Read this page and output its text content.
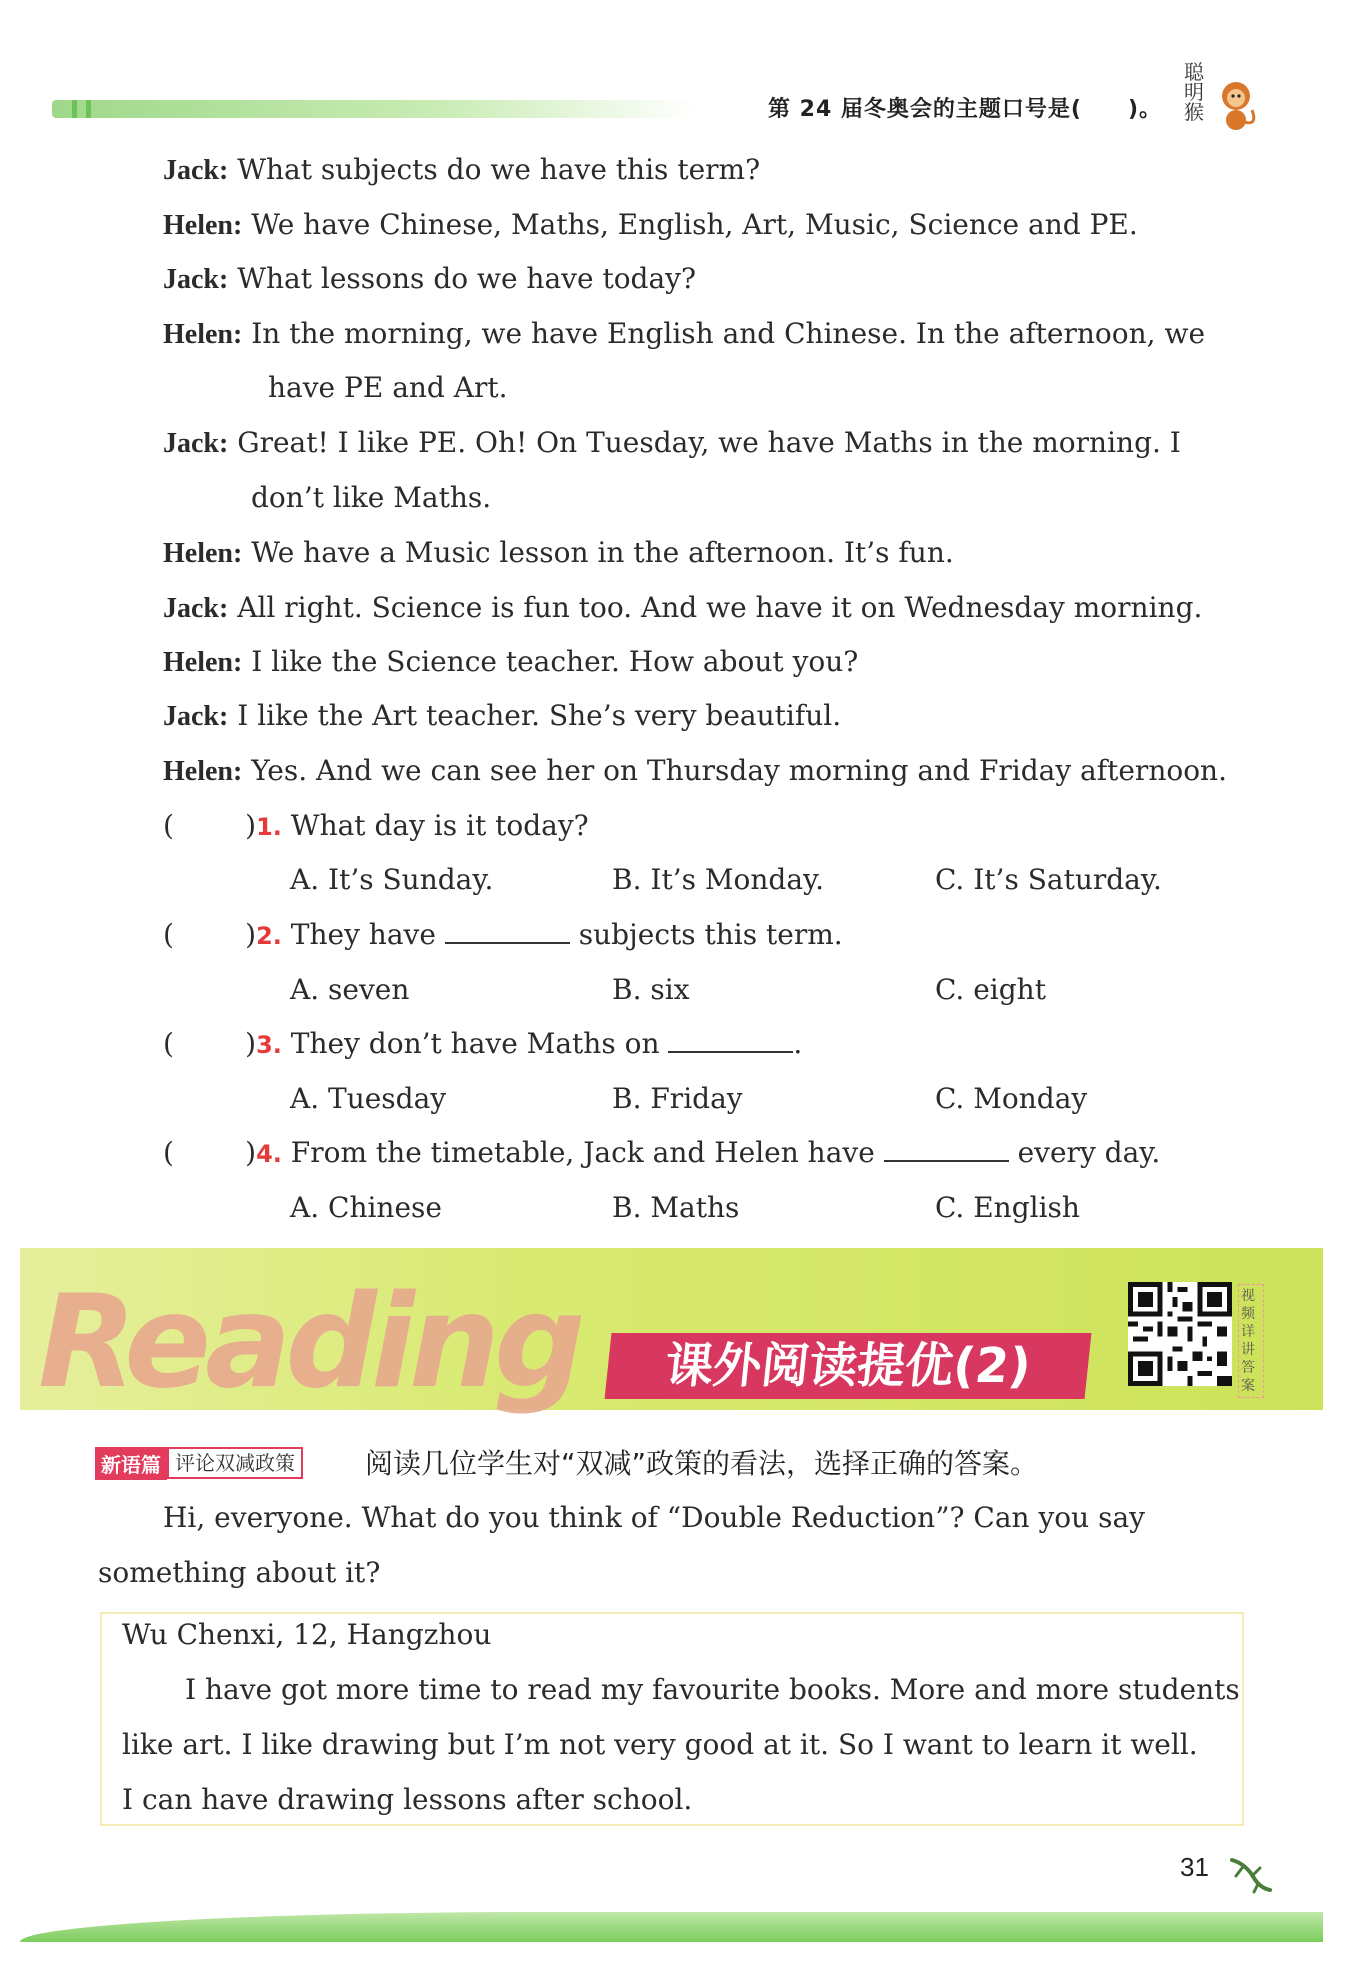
第 24 届冬奥会的主题口号是(　　)。
聪明猴
Jack: What subjects do we have this term?
Helen: We have Chinese, Maths, English, Art, Music, Science and PE.
Jack: What lessons do we have today?
Helen: In the morning, we have English and Chinese. In the afternoon, we
have PE and Art.
Jack: Great! I like PE. Oh! On Tuesday, we have Maths in the morning. I
don’t like Maths.
Helen: We have a Music lesson in the afternoon. It’s fun.
Jack: All right. Science is fun too. And we have it on Wednesday morning.
Helen: I like the Science teacher. How about you?
Jack: I like the Art teacher. She’s very beautiful.
Helen: Yes. And we can see her on Thursday morning and Friday afternoon.
(        )1. What day is it today?
A. It’s Sunday.	B. It’s Monday.	C. It’s Saturday.
(        )2. They have	subjects this term.
A. seven	B. six	C. eight
(        )3. They don’t have Maths on	.
A. Tuesday	B. Friday	C. Monday
(        )4. From the timetable, Jack and Helen have	every day.
A. Chinese	B. Maths	C. English
Reading	课外阅读提优(2)
视频详讲答案
新语篇 评论双减政策	阅读几位学生对“双减”政策的看法，选择正确的答案。
Hi, everyone. What do you think of “Double Reduction”? Can you say
something about it?
Wu Chenxi, 12, Hangzhou
I have got more time to read my favourite books. More and more students
like art. I like drawing but I’m not very good at it. So I want to learn it well.
I can have drawing lessons after school.
31
